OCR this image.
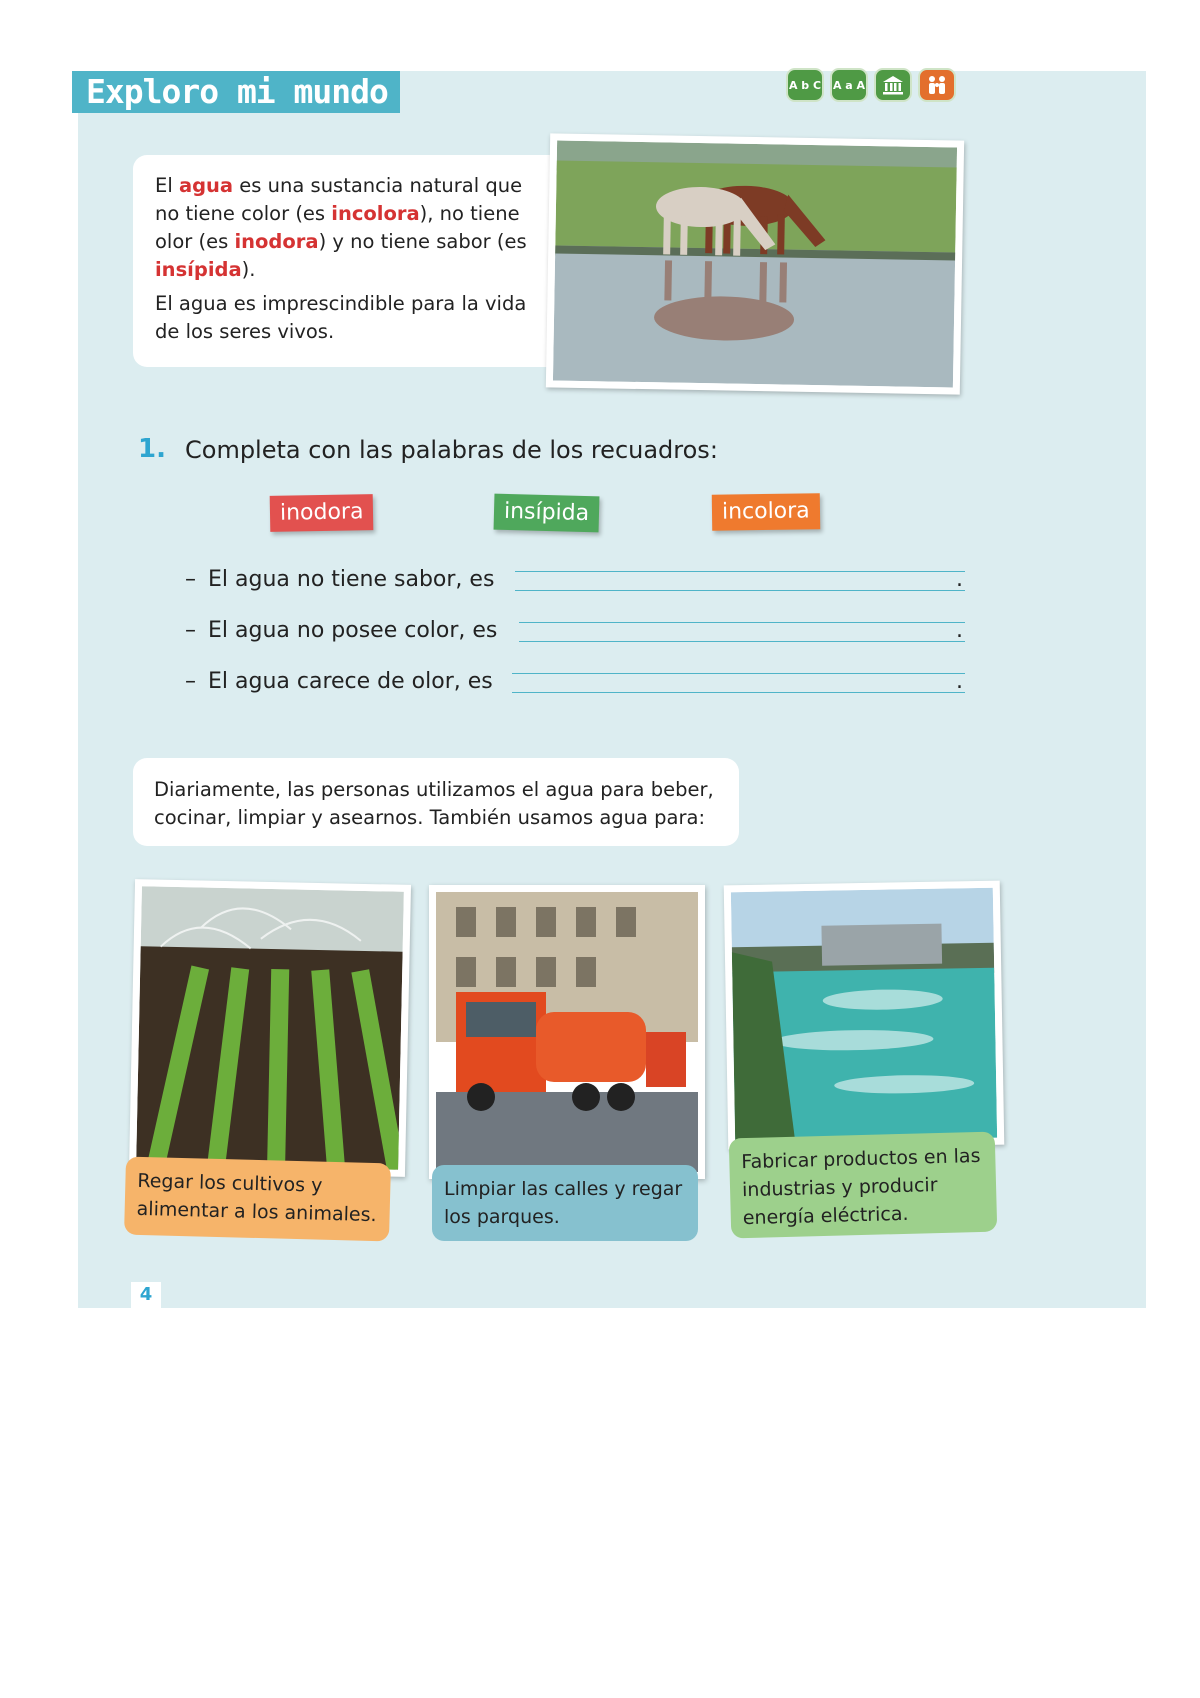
Exploro mi mundo	A b C A a A

El agua es una sustancia natural que no tiene color (es incolora), no tiene olor (es inodora) y no tiene sabor (es insípida).

El agua es imprescindible para la vida de los seres vivos.

1. Completa con las palabras de los recuadros:
inodora	insípida	incolora
– El agua no tiene sabor, es	.
– El agua no posee color, es	.
– El agua carece de olor, es	.
Diariamente, las personas utilizamos el agua para beber, cocinar, limpiar y asearnos. También usamos agua para:
Regar los cultivos y alimentar a los animales.
Limpiar las calles y regar los parques.
Fabricar productos en las industrias y producir energía eléctrica.
4
